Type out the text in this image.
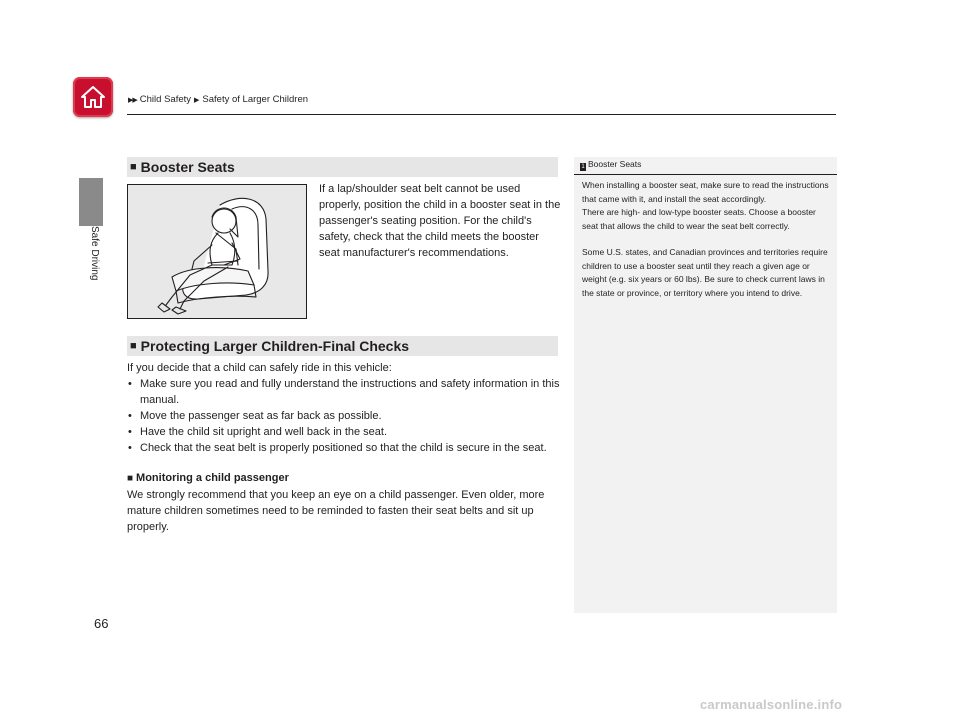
▶▶ Child Safety ▶ Safety of Larger Children
Safe Driving
■ Booster Seats

If a lap/shoulder seat belt cannot be used properly, position the child in a booster seat in the passenger's seating position. For the child's safety, check that the child meets the booster seat manufacturer's recommendations.

■ Protecting Larger Children-Final Checks

If you decide that a child can safely ride in this vehicle:

• Make sure you read and fully understand the instructions and safety information in this manual.
• Move the passenger seat as far back as possible.
• Have the child sit upright and well back in the seat.
• Check that the seat belt is properly positioned so that the child is secure in the seat.

■ Monitoring a child passenger

We strongly recommend that you keep an eye on a child passenger. Even older, more mature children sometimes need to be reminded to fasten their seat belts and sit up properly.

1 Booster Seats

When installing a booster seat, make sure to read the instructions that came with it, and install the seat accordingly.
There are high- and low-type booster seats. Choose a booster seat that allows the child to wear the seat belt correctly.

Some U.S. states, and Canadian provinces and territories require children to use a booster seat until they reach a given age or weight (e.g. six years or 60 lbs). Be sure to check current laws in the state or province, or territory where you intend to drive.

66
carmanualsonline.info
